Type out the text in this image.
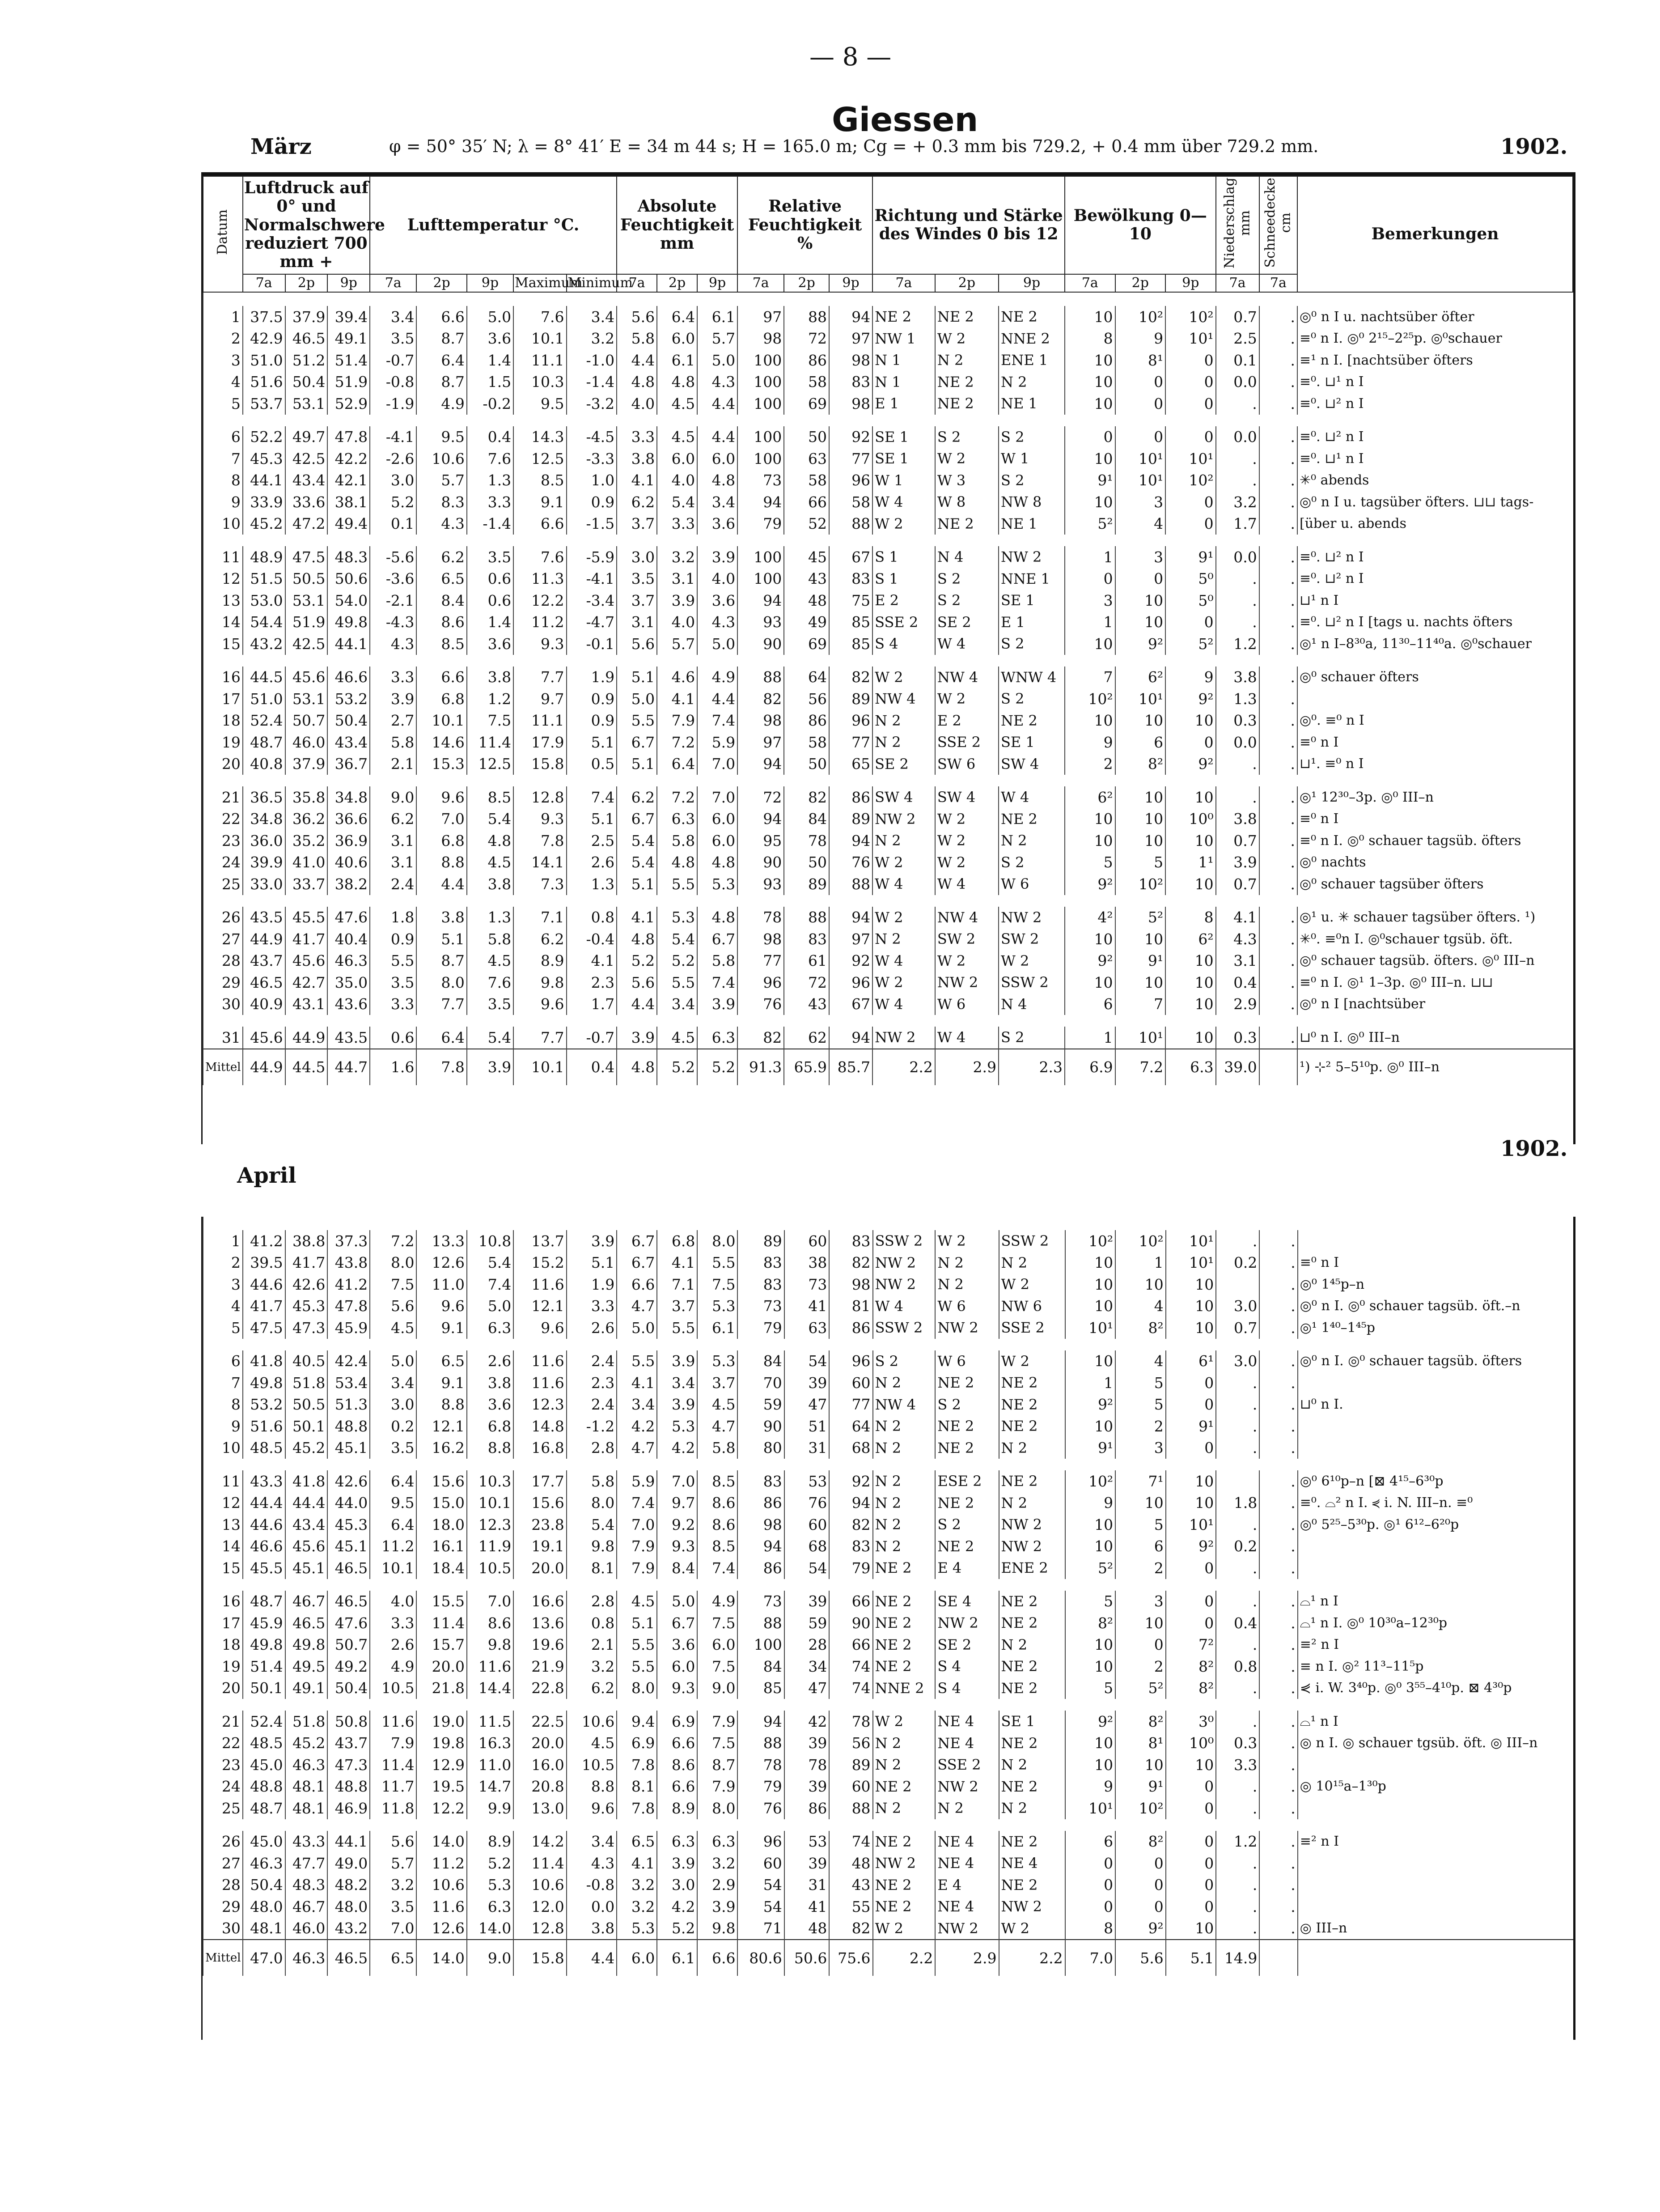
— 8 —
Giessen
März	φ = 50° 35′ N; λ = 8° 41′ E = 34 m 44 s; H = 165.0 m; Cg = + 0.3 mm bis 729.2, + 0.4 mm über 729.2 mm.	1902.
Datum	Luftdruck auf 0° und Normalschwere reduziert 700 mm +			Lufttemperatur °C.					Absolute Feuchtigkeit mm			Relative Feuchtigkeit %			Richtung und Stärke des Windes 0 bis 12			Bewölkung 0—10			Niederschlag mm	Schneedecke cm	Bemerkungen
	7a	2p	9p	7a	2p	9p	Maximum	Minimum	7a	2p	9p	7a	2p	9p	7a	2p	9p	7a	2p	9p	7a	7a	

1	37.5	37.9	39.4	3.4	6.6	5.0	7.6	3.4	5.6	6.4	6.1	97	88	94	NE 2	NE 2	NE 2	10	10²	10²	0.7	.	◎⁰ n I u. nachtsüber öfter
2	42.9	46.5	49.1	3.5	8.7	3.6	10.1	3.2	5.8	6.0	5.7	98	72	97	NW 1	W 2	NNE 2	8	9	10¹	2.5	.	≡⁰ n I. ◎⁰ 2¹⁵–2²⁵p. ◎⁰schauer
3	51.0	51.2	51.4	-0.7	6.4	1.4	11.1	-1.0	4.4	6.1	5.0	100	86	98	N 1	N 2	ENE 1	10	8¹	0	0.1	.	≡¹ n I. [nachtsüber öfters
4	51.6	50.4	51.9	-0.8	8.7	1.5	10.3	-1.4	4.8	4.8	4.3	100	58	83	N 1	NE 2	N 2	10	0	0	0.0	.	≡⁰. ⊔¹ n I
5	53.7	53.1	52.9	-1.9	4.9	-0.2	9.5	-3.2	4.0	4.5	4.4	100	69	98	E 1	NE 2	NE 1	10	0	0	.	.	≡⁰. ⊔² n I

6	52.2	49.7	47.8	-4.1	9.5	0.4	14.3	-4.5	3.3	4.5	4.4	100	50	92	SE 1	S 2	S 2	0	0	0	0.0	.	≡⁰. ⊔² n I
7	45.3	42.5	42.2	-2.6	10.6	7.6	12.5	-3.3	3.8	6.0	6.0	100	63	77	SE 1	W 2	W 1	10	10¹	10¹	.	.	≡⁰. ⊔¹ n I
8	44.1	43.4	42.1	3.0	5.7	1.3	8.5	1.0	4.1	4.0	4.8	73	58	96	W 1	W 3	S 2	9¹	10¹	10²	.	.	✳⁰ abends
9	33.9	33.6	38.1	5.2	8.3	3.3	9.1	0.9	6.2	5.4	3.4	94	66	58	W 4	W 8	NW 8	10	3	0	3.2	.	◎⁰ n I u. tagsüber öfters. ⊔⊔ tags-
10	45.2	47.2	49.4	0.1	4.3	-1.4	6.6	-1.5	3.7	3.3	3.6	79	52	88	W 2	NE 2	NE 1	5²	4	0	1.7	.	[über u. abends

11	48.9	47.5	48.3	-5.6	6.2	3.5	7.6	-5.9	3.0	3.2	3.9	100	45	67	S 1	N 4	NW 2	1	3	9¹	0.0	.	≡⁰. ⊔² n I
12	51.5	50.5	50.6	-3.6	6.5	0.6	11.3	-4.1	3.5	3.1	4.0	100	43	83	S 1	S 2	NNE 1	0	0	5⁰	.	.	≡⁰. ⊔² n I
13	53.0	53.1	54.0	-2.1	8.4	0.6	12.2	-3.4	3.7	3.9	3.6	94	48	75	E 2	S 2	SE 1	3	10	5⁰	.	.	⊔¹ n I
14	54.4	51.9	49.8	-4.3	8.6	1.4	11.2	-4.7	3.1	4.0	4.3	93	49	85	SSE 2	SE 2	E 1	1	10	0	.	.	≡⁰. ⊔² n I [tags u. nachts öfters
15	43.2	42.5	44.1	4.3	8.5	3.6	9.3	-0.1	5.6	5.7	5.0	90	69	85	S 4	W 4	S 2	10	9²	5²	1.2	.	◎¹ n I–8³⁰a, 11³⁰–11⁴⁰a. ◎⁰schauer

16	44.5	45.6	46.6	3.3	6.6	3.8	7.7	1.9	5.1	4.6	4.9	88	64	82	W 2	NW 4	WNW 4	7	6²	9	3.8	.	◎⁰ schauer öfters
17	51.0	53.1	53.2	3.9	6.8	1.2	9.7	0.9	5.0	4.1	4.4	82	56	89	NW 4	W 2	S 2	10²	10¹	9²	1.3	.	
18	52.4	50.7	50.4	2.7	10.1	7.5	11.1	0.9	5.5	7.9	7.4	98	86	96	N 2	E 2	NE 2	10	10	10	0.3	.	◎⁰. ≡⁰ n I
19	48.7	46.0	43.4	5.8	14.6	11.4	17.9	5.1	6.7	7.2	5.9	97	58	77	N 2	SSE 2	SE 1	9	6	0	0.0	.	≡⁰ n I
20	40.8	37.9	36.7	2.1	15.3	12.5	15.8	0.5	5.1	6.4	7.0	94	50	65	SE 2	SW 6	SW 4	2	8²	9²	.	.	⊔¹. ≡⁰ n I

21	36.5	35.8	34.8	9.0	9.6	8.5	12.8	7.4	6.2	7.2	7.0	72	82	86	SW 4	SW 4	W 4	6²	10	10	.	.	◎¹ 12³⁰–3p. ◎⁰ III–n
22	34.8	36.2	36.6	6.2	7.0	5.4	9.3	5.1	6.7	6.3	6.0	94	84	89	NW 2	W 2	NE 2	10	10	10⁰	3.8	.	≡⁰ n I
23	36.0	35.2	36.9	3.1	6.8	4.8	7.8	2.5	5.4	5.8	6.0	95	78	94	N 2	W 2	N 2	10	10	10	0.7	.	≡⁰ n I. ◎⁰ schauer tagsüb. öfters
24	39.9	41.0	40.6	3.1	8.8	4.5	14.1	2.6	5.4	4.8	4.8	90	50	76	W 2	W 2	S 2	5	5	1¹	3.9	.	◎⁰ nachts
25	33.0	33.7	38.2	2.4	4.4	3.8	7.3	1.3	5.1	5.5	5.3	93	89	88	W 4	W 4	W 6	9²	10²	10	0.7	.	◎⁰ schauer tagsüber öfters

26	43.5	45.5	47.6	1.8	3.8	1.3	7.1	0.8	4.1	5.3	4.8	78	88	94	W 2	NW 4	NW 2	4²	5²	8	4.1	.	◎¹ u. ✳ schauer tagsüber öfters. ¹)
27	44.9	41.7	40.4	0.9	5.1	5.8	6.2	-0.4	4.8	5.4	6.7	98	83	97	N 2	SW 2	SW 2	10	10	6²	4.3	.	✳⁰. ≡⁰n I. ◎⁰schauer tgsüb. öft.
28	43.7	45.6	46.3	5.5	8.7	4.5	8.9	4.1	5.2	5.2	5.8	77	61	92	W 4	W 2	W 2	9²	9¹	10	3.1	.	◎⁰ schauer tagsüb. öfters. ◎⁰ III–n
29	46.5	42.7	35.0	3.5	8.0	7.6	9.8	2.3	5.6	5.5	7.4	96	72	96	W 2	NW 2	SSW 2	10	10	10	0.4	.	≡⁰ n I. ◎¹ 1–3p. ◎⁰ III–n. ⊔⊔
30	40.9	43.1	43.6	3.3	7.7	3.5	9.6	1.7	4.4	3.4	3.9	76	43	67	W 4	W 6	N 4	6	7	10	2.9	.	◎⁰ n I [nachtsüber

31	45.6	44.9	43.5	0.6	6.4	5.4	7.7	-0.7	3.9	4.5	6.3	82	62	94	NW 2	W 4	S 2	1	10¹	10	0.3	.	⊔⁰ n I. ◎⁰ III–n
Mittel	44.9	44.5	44.7	1.6	7.8	3.9	10.1	0.4	4.8	5.2	5.2	91.3	65.9	85.7	2.2	2.9	2.3	6.9	7.2	6.3	39.0		¹) ⊹² 5–5¹⁰p. ◎⁰ III–n
April
1902.

1	41.2	38.8	37.3	7.2	13.3	10.8	13.7	3.9	6.7	6.8	8.0	89	60	83	SSW 2	W 2	SSW 2	10²	10²	10¹	.	.	
2	39.5	41.7	43.8	8.0	12.6	5.4	15.2	5.1	6.7	4.1	5.5	83	38	82	NW 2	N 2	N 2	10	1	10¹	0.2	.	≡⁰ n I
3	44.6	42.6	41.2	7.5	11.0	7.4	11.6	1.9	6.6	7.1	7.5	83	73	98	NW 2	N 2	W 2	10	10	10		.	◎⁰ 1⁴⁵p–n
4	41.7	45.3	47.8	5.6	9.6	5.0	12.1	3.3	4.7	3.7	5.3	73	41	81	W 4	W 6	NW 6	10	4	10	3.0	.	◎⁰ n I. ◎⁰ schauer tagsüb. öft.–n
5	47.5	47.3	45.9	4.5	9.1	6.3	9.6	2.6	5.0	5.5	6.1	79	63	86	SSW 2	NW 2	SSE 2	10¹	8²	10	0.7	.	◎¹ 1⁴⁰–1⁴⁵p

6	41.8	40.5	42.4	5.0	6.5	2.6	11.6	2.4	5.5	3.9	5.3	84	54	96	S 2	W 6	W 2	10	4	6¹	3.0	.	◎⁰ n I. ◎⁰ schauer tagsüb. öfters
7	49.8	51.8	53.4	3.4	9.1	3.8	11.6	2.3	4.1	3.4	3.7	70	39	60	N 2	NE 2	NE 2	1	5	0	.	.	
8	53.2	50.5	51.3	3.0	8.8	3.6	12.3	2.4	3.4	3.9	4.5	59	47	77	NW 4	S 2	NE 2	9²	5	0	.	.	⊔⁰ n I.
9	51.6	50.1	48.8	0.2	12.1	6.8	14.8	-1.2	4.2	5.3	4.7	90	51	64	N 2	NE 2	NE 2	10	2	9¹	.	.	
10	48.5	45.2	45.1	3.5	16.2	8.8	16.8	2.8	4.7	4.2	5.8	80	31	68	N 2	NE 2	N 2	9¹	3	0	.	.	

11	43.3	41.8	42.6	6.4	15.6	10.3	17.7	5.8	5.9	7.0	8.5	83	53	92	N 2	ESE 2	NE 2	10²	7¹	10		.	◎⁰ 6¹⁰p–n [⊠ 4¹⁵–6³⁰p
12	44.4	44.4	44.0	9.5	15.0	10.1	15.6	8.0	7.4	9.7	8.6	86	76	94	N 2	NE 2	N 2	9	10	10	1.8	.	≡⁰. ⌓² n I. ⋞ i. N. III–n. ≡⁰
13	44.6	43.4	45.3	6.4	18.0	12.3	23.8	5.4	7.0	9.2	8.6	98	60	82	N 2	S 2	NW 2	10	5	10¹	.	.	◎⁰ 5²⁵–5³⁰p. ◎¹ 6¹²–6²⁰p
14	46.6	45.6	45.1	11.2	16.1	11.9	19.1	9.8	7.9	9.3	8.5	94	68	83	N 2	NE 2	NW 2	10	6	9²	0.2	.	
15	45.5	45.1	46.5	10.1	18.4	10.5	20.0	8.1	7.9	8.4	7.4	86	54	79	NE 2	E 4	ENE 2	5²	2	0	.	.	

16	48.7	46.7	46.5	4.0	15.5	7.0	16.6	2.8	4.5	5.0	4.9	73	39	66	NE 2	SE 4	NE 2	5	3	0	.	.	⌓¹ n I
17	45.9	46.5	47.6	3.3	11.4	8.6	13.6	0.8	5.1	6.7	7.5	88	59	90	NE 2	NW 2	NE 2	8²	10	0	0.4	.	⌓¹ n I. ◎⁰ 10³⁰a–12³⁰p
18	49.8	49.8	50.7	2.6	15.7	9.8	19.6	2.1	5.5	3.6	6.0	100	28	66	NE 2	SE 2	N 2	10	0	7²	.	.	≡² n I
19	51.4	49.5	49.2	4.9	20.0	11.6	21.9	3.2	5.5	6.0	7.5	84	34	74	NE 2	S 4	NE 2	10	2	8²	0.8	.	≡ n I. ◎² 11³–11⁵p
20	50.1	49.1	50.4	10.5	21.8	14.4	22.8	6.2	8.0	9.3	9.0	85	47	74	NNE 2	S 4	NE 2	5	5²	8²	.	.	⋞ i. W. 3⁴⁰p. ◎⁰ 3⁵⁵–4¹⁰p. ⊠ 4³⁰p

21	52.4	51.8	50.8	11.6	19.0	11.5	22.5	10.6	9.4	6.9	7.9	94	42	78	W 2	NE 4	SE 1	9²	8²	3⁰	.	.	⌓¹ n I
22	48.5	45.2	43.7	7.9	19.8	16.3	20.0	4.5	6.9	6.6	7.5	88	39	56	N 2	NE 4	NE 2	10	8¹	10⁰	0.3	.	◎ n I. ◎ schauer tgsüb. öft. ◎ III–n
23	45.0	46.3	47.3	11.4	12.9	11.0	16.0	10.5	7.8	8.6	8.7	78	78	89	N 2	SSE 2	N 2	10	10	10	3.3	.	
24	48.8	48.1	48.8	11.7	19.5	14.7	20.8	8.8	8.1	6.6	7.9	79	39	60	NE 2	NW 2	NE 2	9	9¹	0	.	.	◎ 10¹⁵a–1³⁰p
25	48.7	48.1	46.9	11.8	12.2	9.9	13.0	9.6	7.8	8.9	8.0	76	86	88	N 2	N 2	N 2	10¹	10²	0	.	.	

26	45.0	43.3	44.1	5.6	14.0	8.9	14.2	3.4	6.5	6.3	6.3	96	53	74	NE 2	NE 4	NE 2	6	8²	0	1.2	.	≡² n I
27	46.3	47.7	49.0	5.7	11.2	5.2	11.4	4.3	4.1	3.9	3.2	60	39	48	NW 2	NE 4	NE 4	0	0	0	.	.	
28	50.4	48.3	48.2	3.2	10.6	5.3	10.6	-0.8	3.2	3.0	2.9	54	31	43	NE 2	E 4	NE 2	0	0	0	.	.	
29	48.0	46.7	48.0	3.5	11.6	6.3	12.0	0.0	3.2	4.2	3.9	54	41	55	NE 2	NE 4	NW 2	0	0	0	.	.	
30	48.1	46.0	43.2	7.0	12.6	14.0	12.8	3.8	5.3	5.2	9.8	71	48	82	W 2	NW 2	W 2	8	9²	10	.	.	◎ III–n
Mittel	47.0	46.3	46.5	6.5	14.0	9.0	15.8	4.4	6.0	6.1	6.6	80.6	50.6	75.6	2.2	2.9	2.2	7.0	5.6	5.1	14.9		
